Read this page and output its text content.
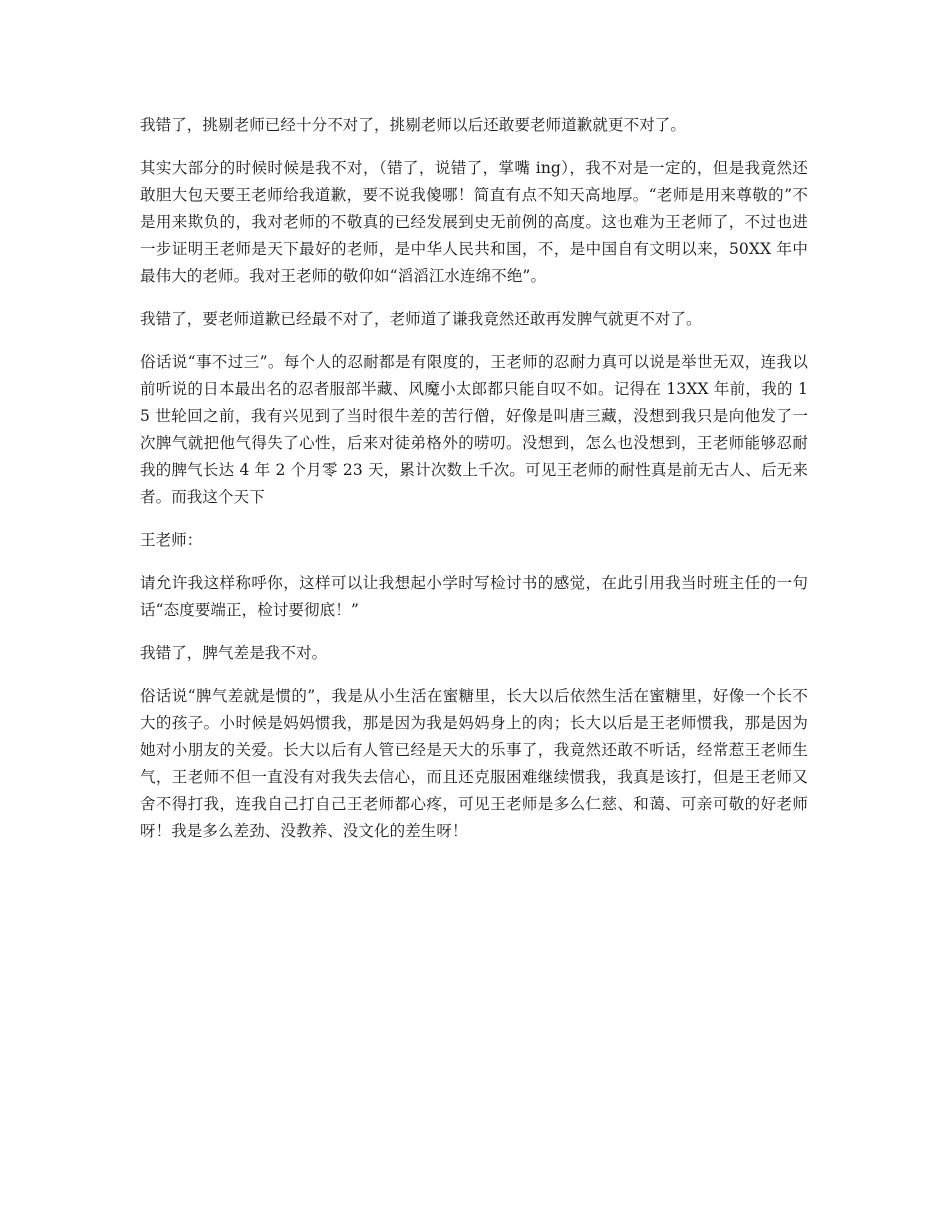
我错了，挑剔老师已经十分不对了，挑剔老师以后还敢要老师道歉就更不对了。

其实大部分的时候时候是我不对，（错了，说错了，掌嘴 ing），我不对是一定的，但是我竟然还敢胆大包天要王老师给我道歉，要不说我傻哪！简直有点不知天高地厚。“老师是用来尊敬的”不是用来欺负的，我对老师的不敬真的已经发展到史无前例的高度。这也难为王老师了，不过也进一步证明王老师是天下最好的老师，是中华人民共和国，不，是中国自有文明以来，50XX 年中最伟大的老师。我对王老师的敬仰如“滔滔江水连绵不绝”。

我错了，要老师道歉已经最不对了，老师道了谦我竟然还敢再发脾气就更不对了。

俗话说“事不过三”。每个人的忍耐都是有限度的，王老师的忍耐力真可以说是举世无双，连我以前听说的日本最出名的忍者服部半藏、风魔小太郎都只能自叹不如。记得在 13XX 年前，我的 15 世轮回之前，我有兴见到了当时很牛差的苦行僧，好像是叫唐三藏，没想到我只是向他发了一次脾气就把他气得失了心性，后来对徒弟格外的唠叨。没想到，怎么也没想到，王老师能够忍耐我的脾气长达 4 年 2 个月零 23 天，累计次数上千次。可见王老师的耐性真是前无古人、后无来者。而我这个天下

王老师：

请允许我这样称呼你，这样可以让我想起小学时写检讨书的感觉，在此引用我当时班主任的一句话“态度要端正，检讨要彻底！”

我错了，脾气差是我不对。

俗话说“脾气差就是惯的”，我是从小生活在蜜糖里，长大以后依然生活在蜜糖里，好像一个长不大的孩子。小时候是妈妈惯我，那是因为我是妈妈身上的肉；长大以后是王老师惯我，那是因为她对小朋友的关爱。长大以后有人管已经是天大的乐事了，我竟然还敢不听话，经常惹王老师生气，王老师不但一直没有对我失去信心，而且还克服困难继续惯我，我真是该打，但是王老师又舍不得打我，连我自己打自己王老师都心疼，可见王老师是多么仁慈、和蔼、可亲可敬的好老师呀！我是多么差劲、没教养、没文化的差生呀！
